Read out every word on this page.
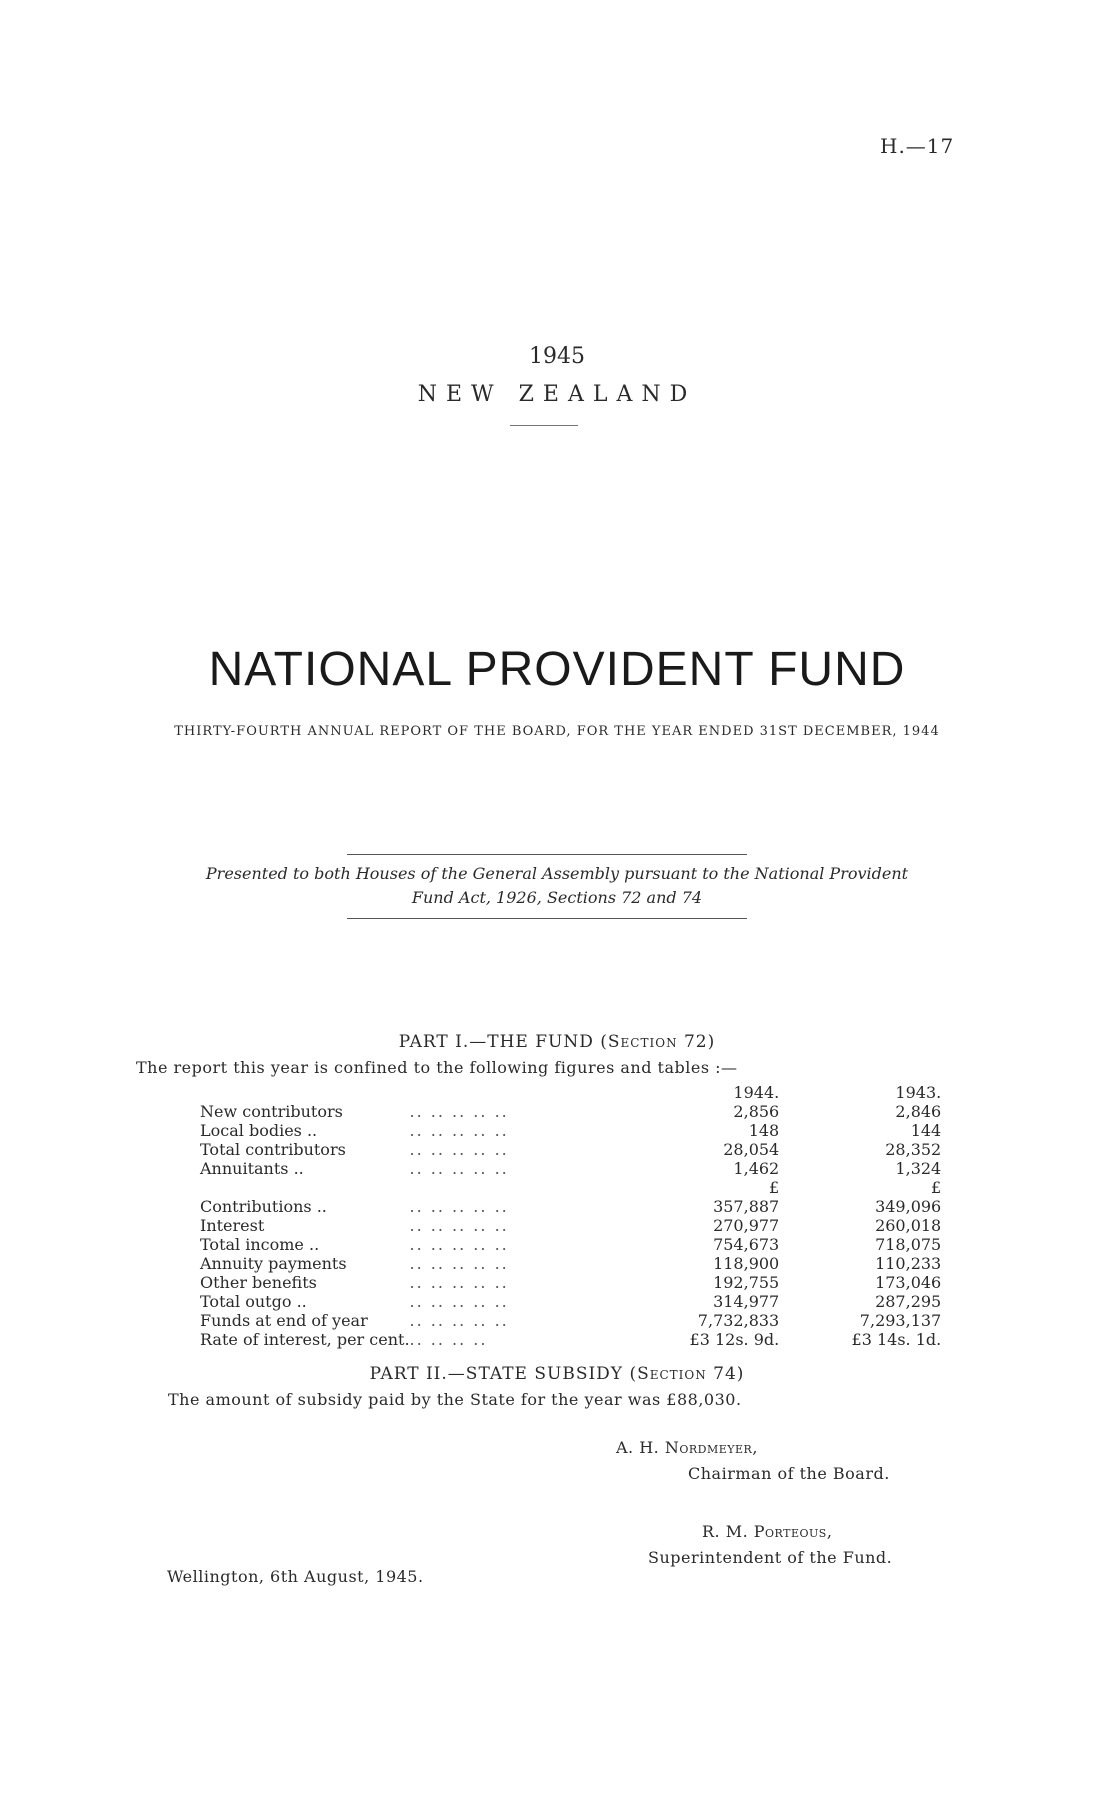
H.—17
1945
NEW ZEALAND
NATIONAL PROVIDENT FUND
THIRTY-FOURTH ANNUAL REPORT OF THE BOARD, FOR THE YEAR ENDED 31ST DECEMBER, 1944
Presented to both Houses of the General Assembly pursuant to the National Provident Fund Act, 1926, Sections 72 and 74
PART I.—THE FUND (Section 72)
The report this year is confined to the following figures and tables :—
		1944.	1943.
New contributors	.. .. .. .. ..	2,856	2,846
Local bodies ..	.. .. .. .. ..	148	144
Total contributors	.. .. .. .. ..	28,054	28,352
Annuitants ..	.. .. .. .. ..	1,462	1,324
		£	£
Contributions ..	.. .. .. .. ..	357,887	349,096
Interest	.. .. .. .. ..	270,977	260,018
Total income ..	.. .. .. .. ..	754,673	718,075
Annuity payments	.. .. .. .. ..	118,900	110,233
Other benefits	.. .. .. .. ..	192,755	173,046
Total outgo ..	.. .. .. .. ..	314,977	287,295
Funds at end of year	.. .. .. .. ..	7,732,833	7,293,137
Rate of interest, per cent.	.. .. .. ..	£3 12s. 9d.	£3 14s. 1d.
PART II.—STATE SUBSIDY (Section 74)
The amount of subsidy paid by the State for the year was £88,030.
A. H. Nordmeyer,
Chairman of the Board.
R. M. Porteous,
Superintendent of the Fund.
Wellington, 6th August, 1945.
